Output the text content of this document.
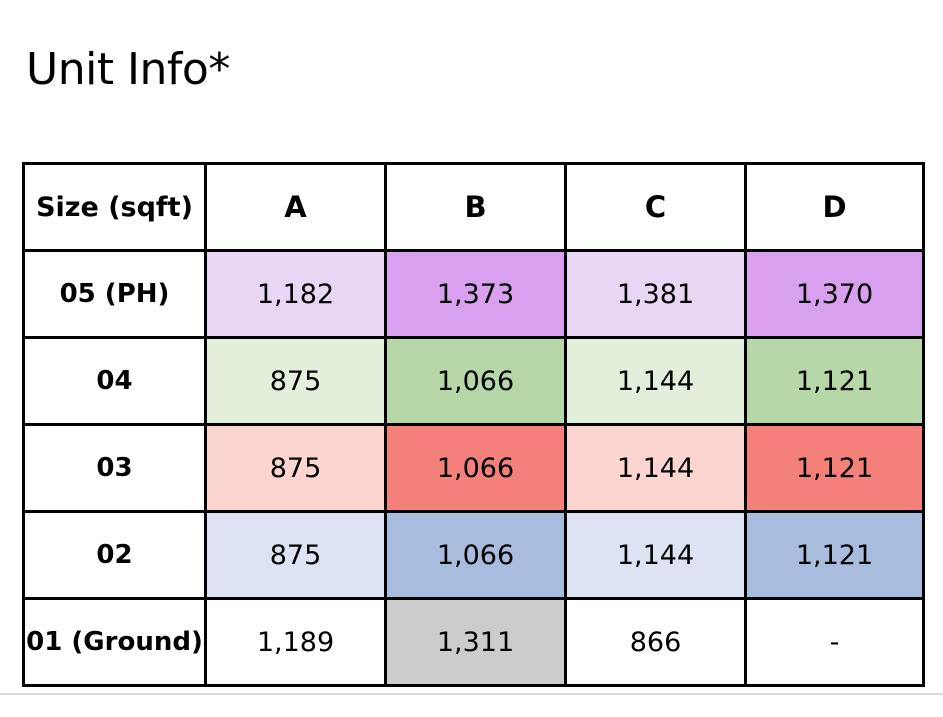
Unit Info*
Size (sqft)	A	B	C	D
05 (PH)	1,182	1,373	1,381	1,370
04	875	1,066	1,144	1,121
03	875	1,066	1,144	1,121
02	875	1,066	1,144	1,121
01 (Ground)	1,189	1,311	866	-
